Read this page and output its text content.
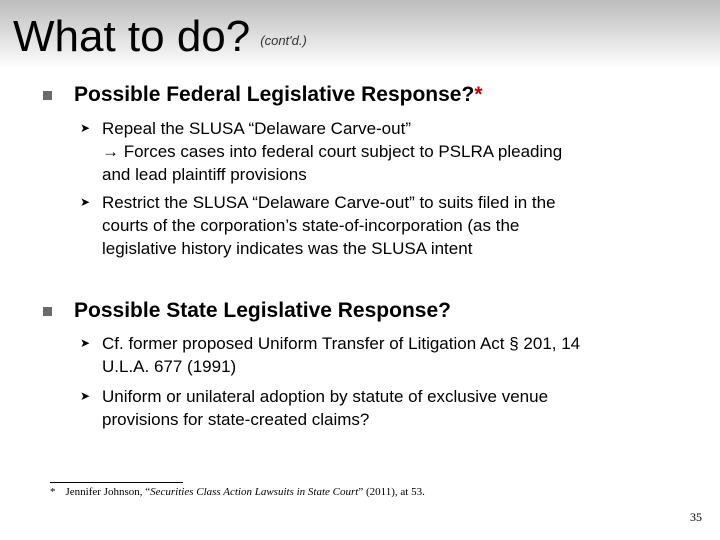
What to do? $^{(cont'd.)}$
Possible Federal Legislative Response?*
➤ Repeal the SLUSA “Delaware Carve-out”
→ Forces cases into federal court subject to PSLRA pleading
and lead plaintiff provisions
➤ Restrict the SLUSA “Delaware Carve-out” to suits filed in the
courts of the corporation’s state-of-incorporation (as the
legislative history indicates was the SLUSA intent
Possible State Legislative Response?
➤ Cf. former proposed Uniform Transfer of Litigation Act § 201, 14
U.L.A. 677 (1991)
➤ Uniform or unilateral adoption by statute of exclusive venue
provisions for state-created claims?
* Jennifer Johnson, “Securities Class Action Lawsuits in State Court” (2011), at 53.
35
